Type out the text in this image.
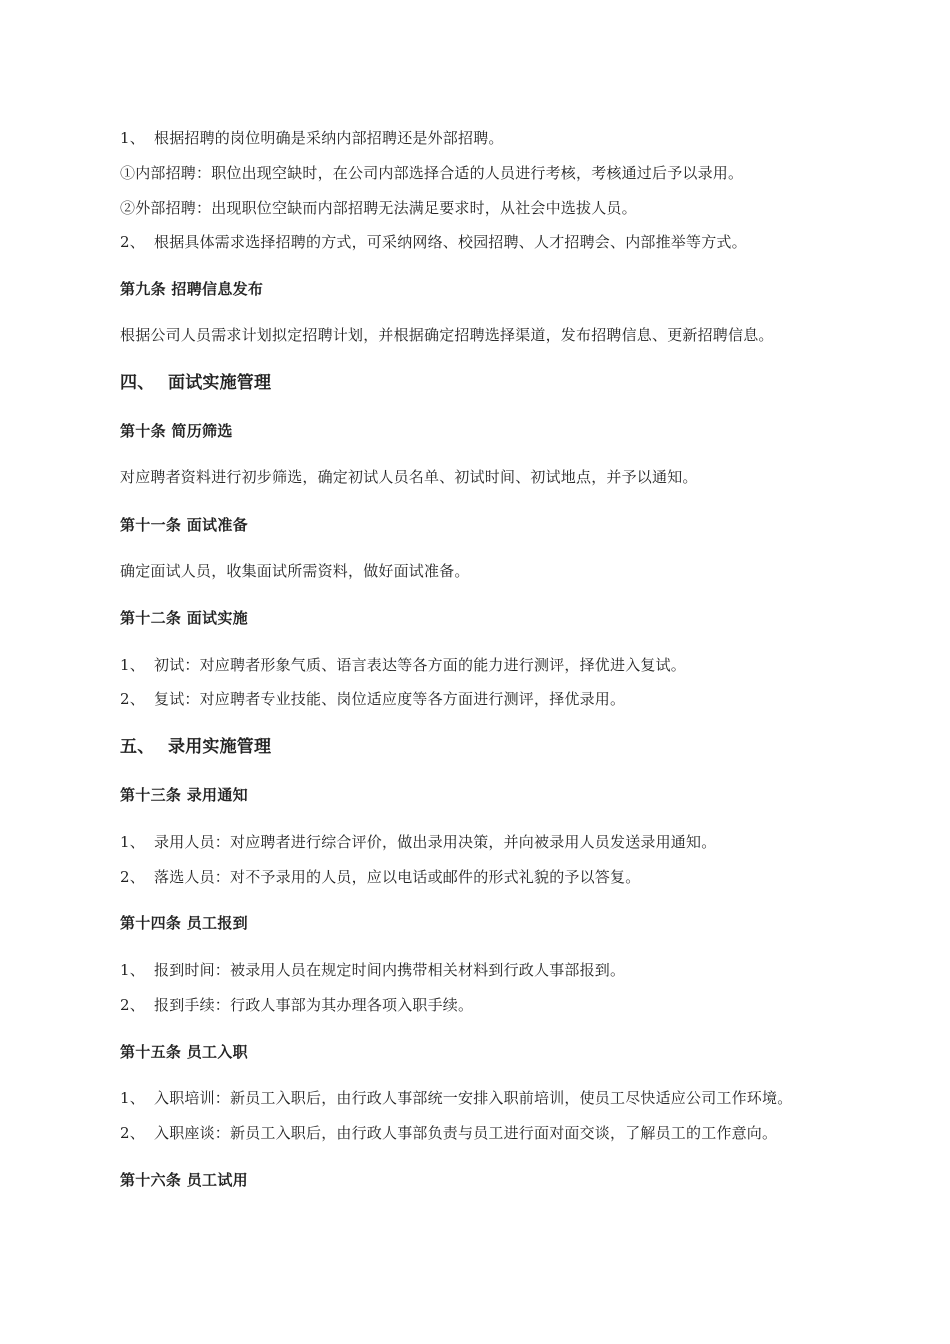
1、 根据招聘的岗位明确是采纳内部招聘还是外部招聘。
①内部招聘：职位出现空缺时，在公司内部选择合适的人员进行考核，考核通过后予以录用。
②外部招聘：出现职位空缺而内部招聘无法满足要求时，从社会中选拔人员。
2、 根据具体需求选择招聘的方式，可采纳网络、校园招聘、人才招聘会、内部推举等方式。
第九条 招聘信息发布
根据公司人员需求计划拟定招聘计划，并根据确定招聘选择渠道，发布招聘信息、更新招聘信息。
四、 面试实施管理
第十条 简历筛选
对应聘者资料进行初步筛选，确定初试人员名单、初试时间、初试地点，并予以通知。
第十一条 面试准备
确定面试人员，收集面试所需资料，做好面试准备。
第十二条 面试实施
1、 初试：对应聘者形象气质、语言表达等各方面的能力进行测评，择优进入复试。
2、 复试：对应聘者专业技能、岗位适应度等各方面进行测评，择优录用。
五、 录用实施管理
第十三条 录用通知
1、 录用人员：对应聘者进行综合评价，做出录用决策，并向被录用人员发送录用通知。
2、 落选人员：对不予录用的人员，应以电话或邮件的形式礼貌的予以答复。
第十四条 员工报到
1、 报到时间：被录用人员在规定时间内携带相关材料到行政人事部报到。
2、 报到手续：行政人事部为其办理各项入职手续。
第十五条 员工入职
1、 入职培训：新员工入职后，由行政人事部统一安排入职前培训，使员工尽快适应公司工作环境。
2、 入职座谈：新员工入职后，由行政人事部负责与员工进行面对面交谈，了解员工的工作意向。
第十六条 员工试用
